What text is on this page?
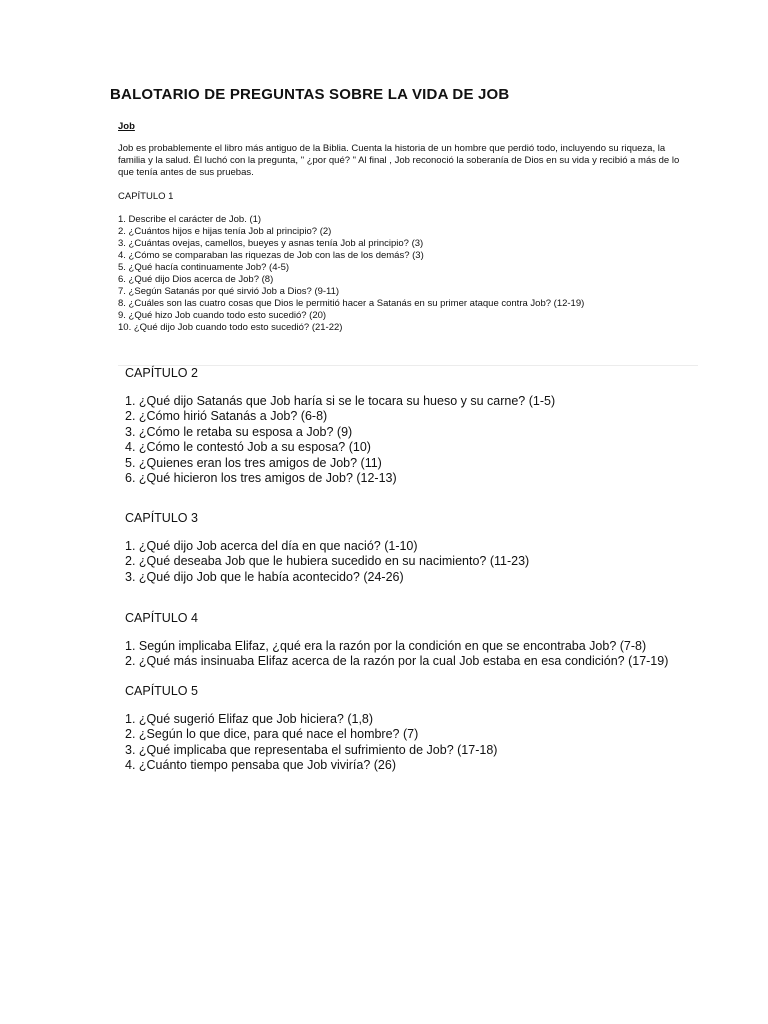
BALOTARIO DE PREGUNTAS SOBRE LA VIDA DE JOB

Job

Job es probablemente el libro más antiguo de la Biblia. Cuenta la historia de un hombre que perdió todo, incluyendo su riqueza, la familia y la salud. Él luchó con la pregunta, " ¿por qué? " Al final , Job reconoció la soberanía de Dios en su vida y recibió a más de lo que tenía antes de sus pruebas.

CAPÍTULO 1

1. Describe el carácter de Job. (1)
2. ¿Cuántos hijos e hijas tenía Job al principio? (2)
3. ¿Cuántas ovejas, camellos, bueyes y asnas tenía Job al principio? (3)
4. ¿Cómo se comparaban las riquezas de Job con las de los demás? (3)
5. ¿Qué hacía continuamente Job? (4-5)
6. ¿Qué dijo Dios acerca de Job? (8)
7. ¿Según Satanás por qué sirvió Job a Dios? (9-11)
8. ¿Cuáles son las cuatro cosas que Dios le permitió hacer a Satanás en su primer ataque contra Job? (12-19)
9. ¿Qué hizo Job cuando todo esto sucedió? (20)
10. ¿Qué dijo Job cuando todo esto sucedió? (21-22)

CAPÍTULO 2

1. ¿Qué dijo Satanás que Job haría si se le tocara su hueso y su carne? (1-5)
2. ¿Cómo hirió Satanás a Job? (6-8)
3. ¿Cómo le retaba su esposa a Job? (9)
4. ¿Cómo le contestó Job a su esposa? (10)
5. ¿Quienes eran los tres amigos de Job? (11)
6. ¿Qué hicieron los tres amigos de Job? (12-13)

CAPÍTULO 3

1. ¿Qué dijo Job acerca del día en que nació? (1-10)
2. ¿Qué deseaba Job que le hubiera sucedido en su nacimiento? (11-23)
3. ¿Qué dijo Job que le había acontecido? (24-26)

CAPÍTULO 4

1. Según implicaba Elifaz, ¿qué era la razón por la condición en que se encontraba Job? (7-8)
2. ¿Qué más insinuaba Elifaz acerca de la razón por la cual Job estaba en esa condición? (17-19)

CAPÍTULO 5

1. ¿Qué sugerió Elifaz que Job hiciera? (1,8)
2. ¿Según lo que dice, para qué nace el hombre? (7)
3. ¿Qué implicaba que representaba el sufrimiento de Job? (17-18)
4. ¿Cuánto tiempo pensaba que Job viviría? (26)
